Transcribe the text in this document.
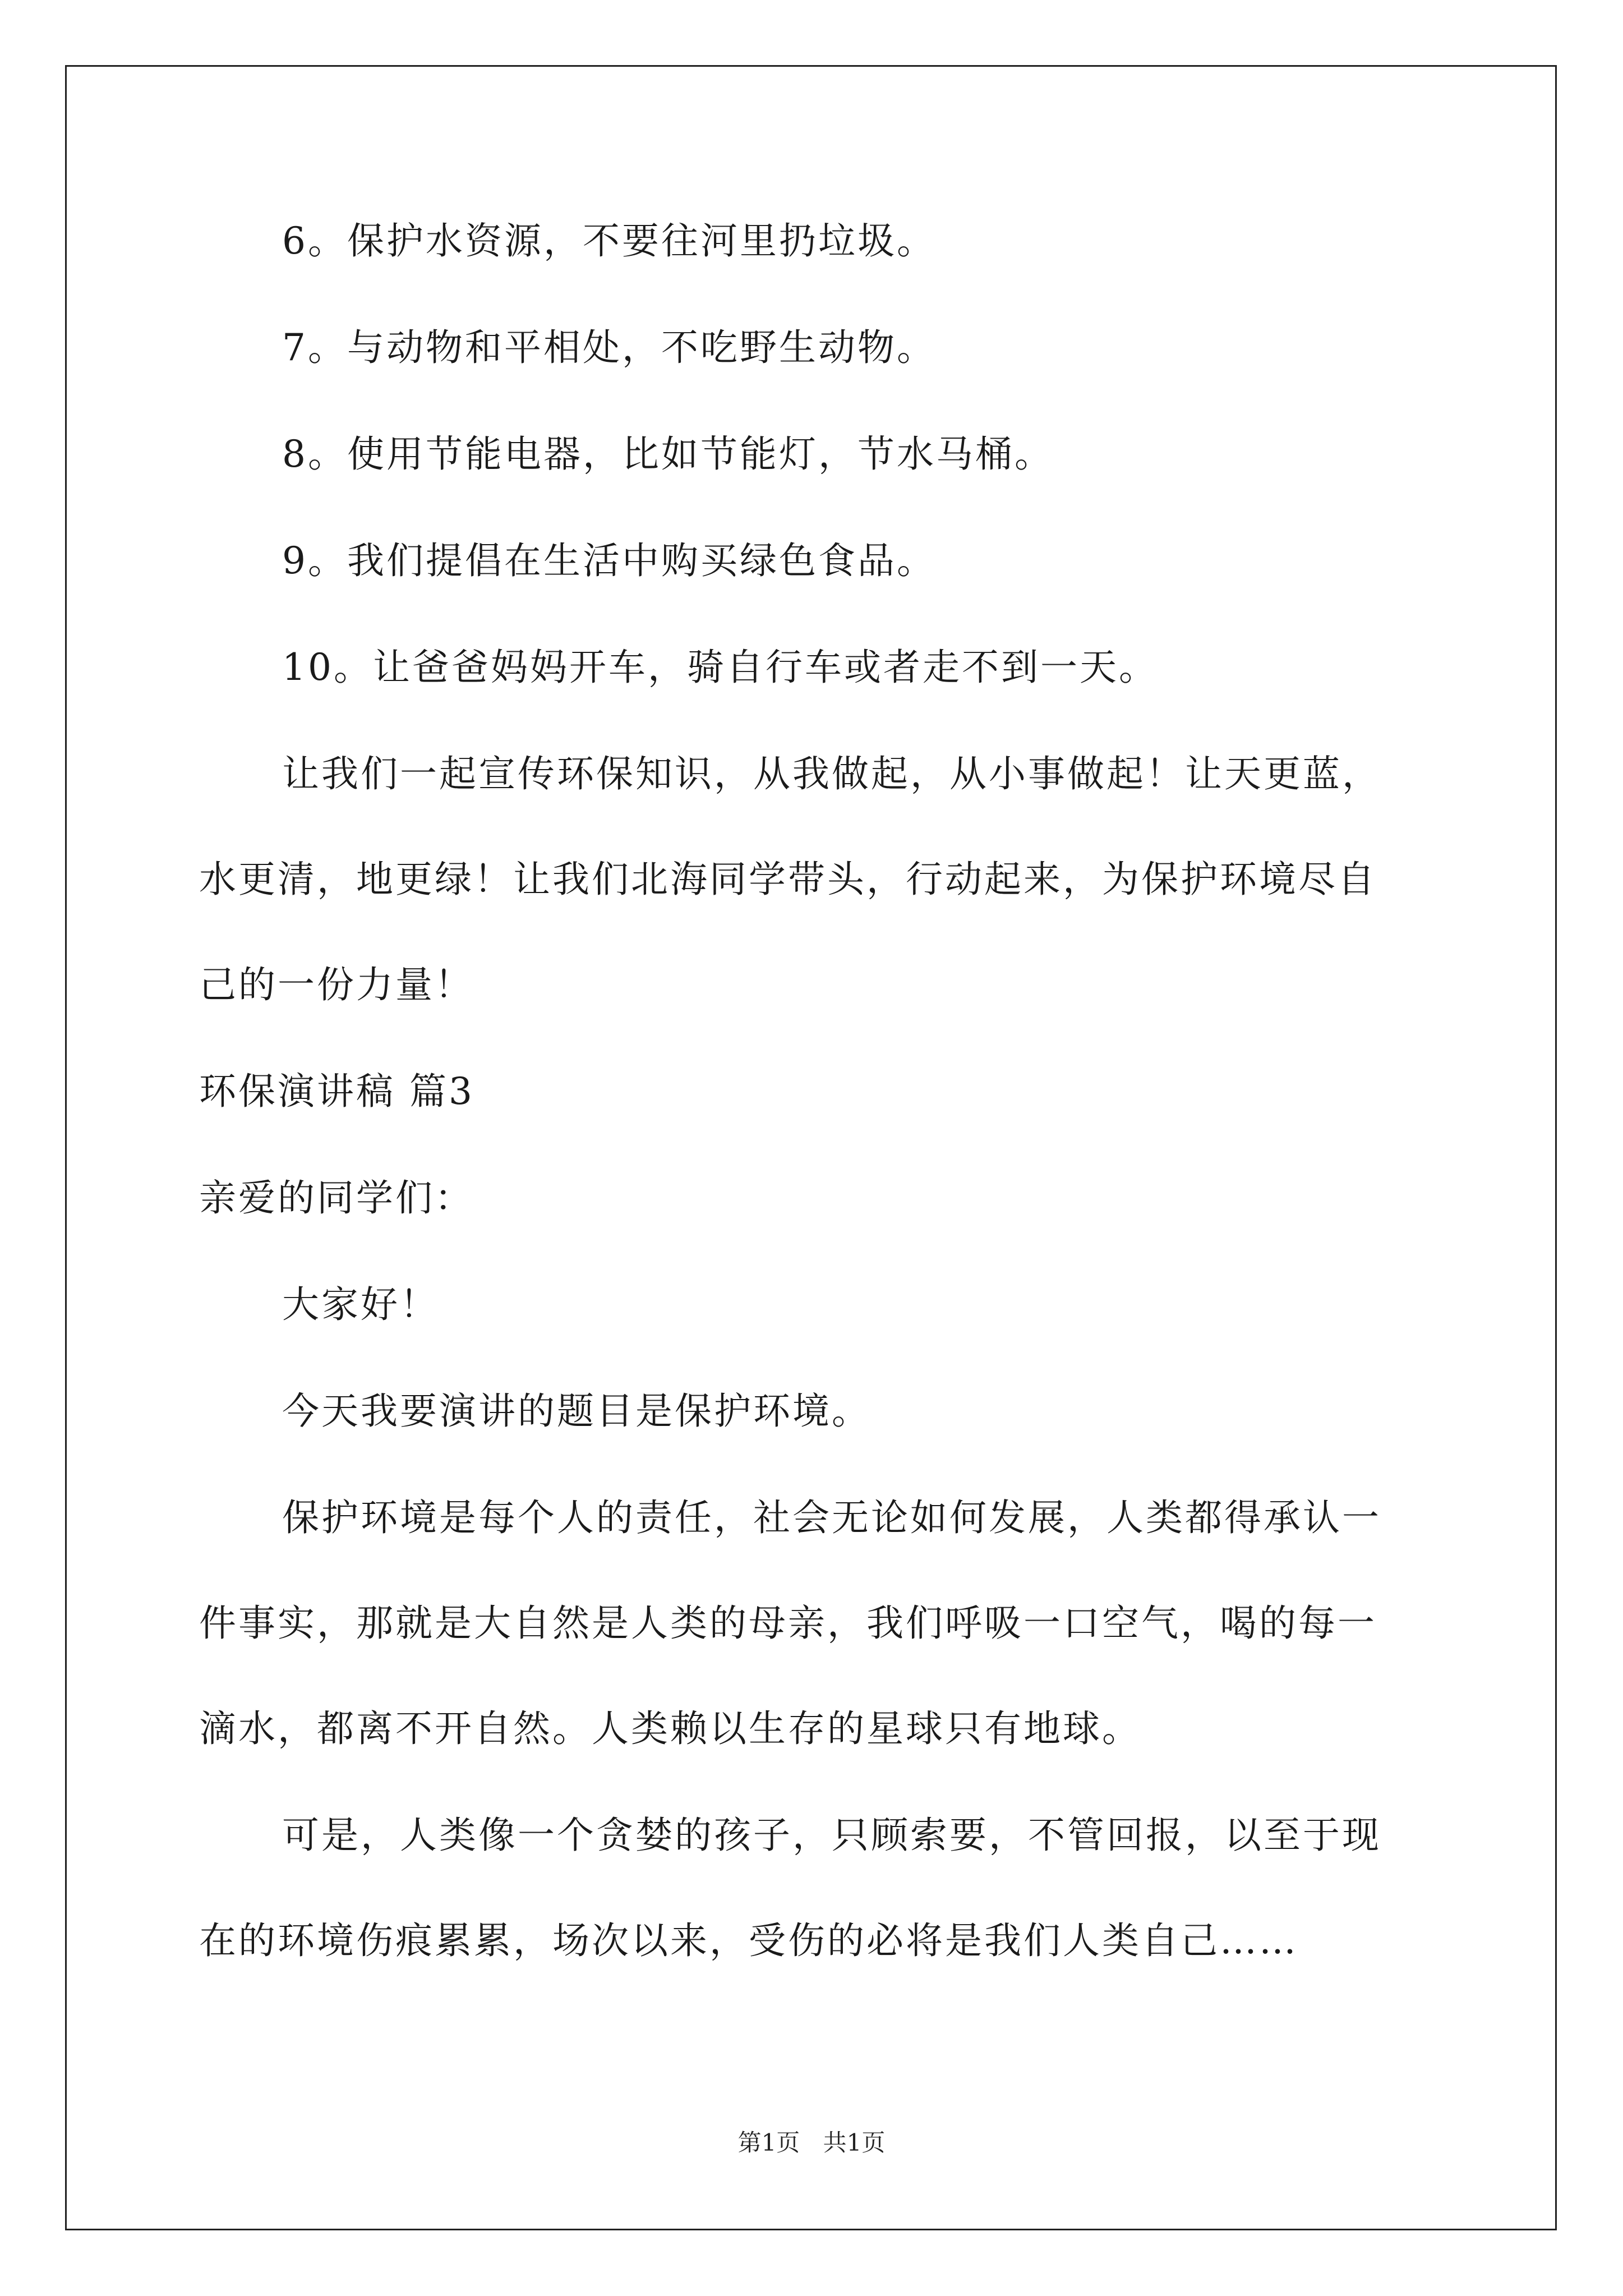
6。保护水资源，不要往河里扔垃圾。

7。与动物和平相处，不吃野生动物。

8。使用节能电器，比如节能灯，节水马桶。

9。我们提倡在生活中购买绿色食品。

10。让爸爸妈妈开车，骑自行车或者走不到一天。

让我们一起宣传环保知识，从我做起，从小事做起！让天更蓝，

水更清，地更绿！让我们北海同学带头，行动起来，为保护环境尽自

己的一份力量！

环保演讲稿 篇3

亲爱的同学们：

大家好！

今天我要演讲的题目是保护环境。

保护环境是每个人的责任，社会无论如何发展，人类都得承认一

件事实，那就是大自然是人类的母亲，我们呼吸一口空气，喝的每一

滴水，都离不开自然。人类赖以生存的星球只有地球。

可是，人类像一个贪婪的孩子，只顾索要，不管回报，以至于现

在的环境伤痕累累，场次以来，受伤的必将是我们人类自己……

第1页 共1页
